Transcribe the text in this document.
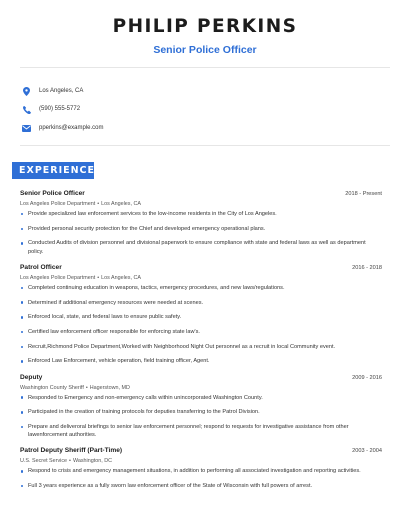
PHILIP PERKINS
Senior Police Officer
Los Angeles, CA
(590) 555-5772
pperkins@example.com
EXPERIENCE
Senior Police Officer	2018 - Present
Los Angeles Police Department • Los Angeles, CA
Provide specialized law enforcement services to the low-income residents in the City of Los Angeles.
Provided personal security protection for the Chief and developed emergency operational plans.
Conducted Audits of division personnel and divisional paperwork to ensure compliance with state and federal laws as well as department policy.
Patrol Officer	2016 - 2018
Los Angeles Police Department • Los Angeles, CA
Completed continuing education in weapons, tactics, emergency procedures, and new laws/regulations.
Determined if additional emergency resources were needed at scenes.
Enforced local, state, and federal laws to ensure public safety.
Certified law enforcement officer responsible for enforcing state law's.
Recruit,Richmond Police Department,Worked with Neighborhood Night Out personnel as a recruit in local Community event.
Enforced Law Enforcement, vehicle operation, field training officer, Agent.
Deputy	2009 - 2016
Washington County Sheriff • Hagerstown, MD
Responded to Emergency and non-emergency calls within unincorporated Washington County.
Participated in the creation of training protocols for deputies transferring to the Patrol Division.
Prepare and deliveroral briefings to senior law enforcement personnel; respond to requests for investigative assistance from other lawenforcement authorities.
Patrol Deputy Sheriff (Part-Time)	2003 - 2004
U.S. Secret Service • Washington, DC
Respond to crisis and emergency management situations, in addition to performing all associated investigation and reporting activities.
Full 3 years experience as a fully sworn law enforcement officer of the State of Wisconsin with full powers of arrest.
